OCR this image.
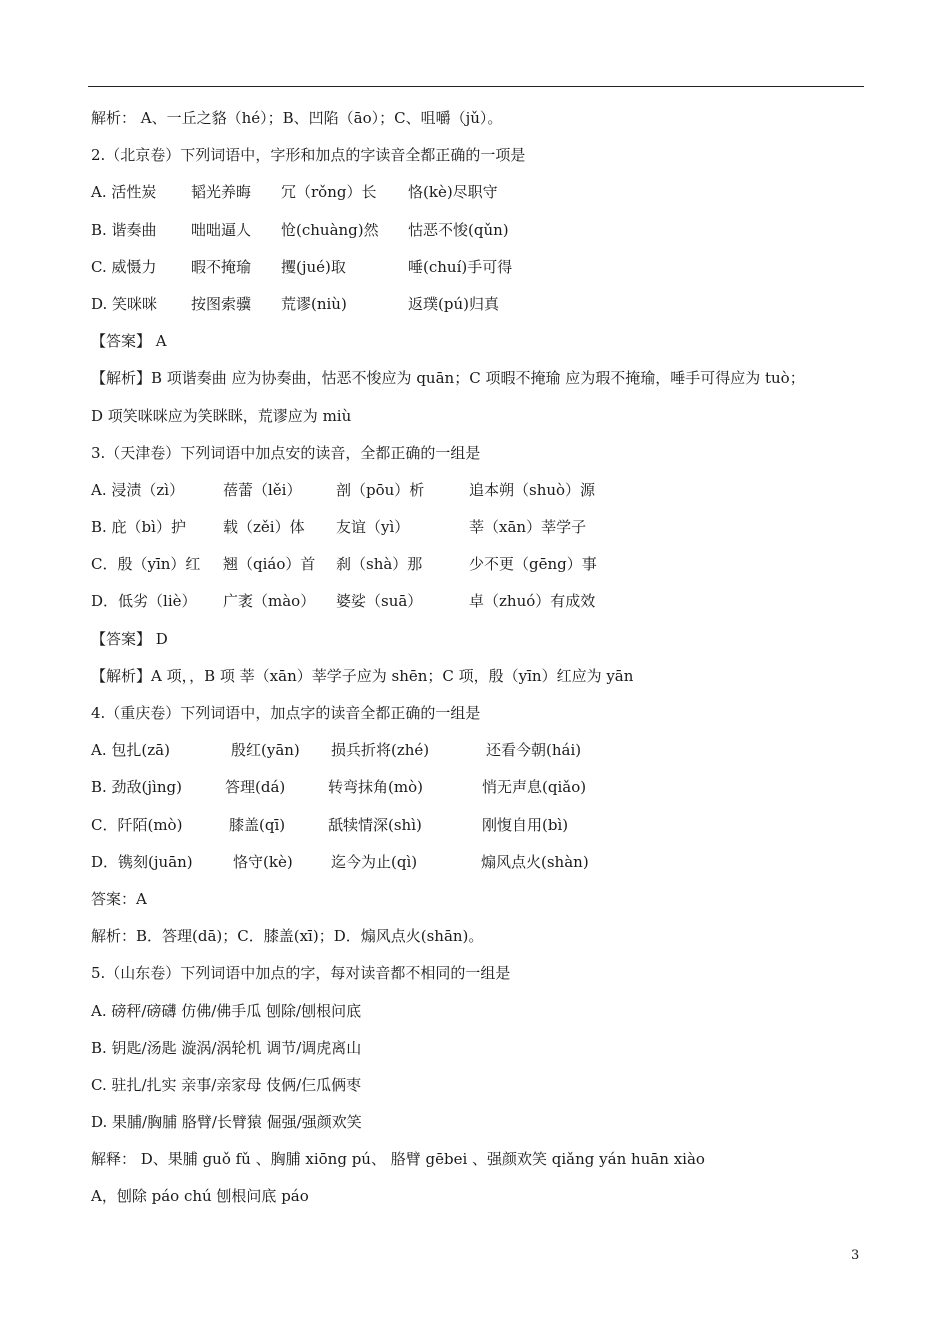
解析： A、一丘之貉（hé）；B、凹陷（āo）；C、咀嚼（jǔ）。
2.（北京卷）下列词语中，字形和加点的字读音全都正确的一项是
A. 活性炭 韬光养晦 冗（rǒng）长 恪(kè)尽职守
B. 谐奏曲 咄咄逼人 怆(chuàng)然 怙恶不悛(qǔn)
C. 威慑力 暇不掩瑜 攫(jué)取	唾(chuí)手可得
D. 笑咪咪 按图索骥 荒谬(niù)	返璞(pú)归真
【答案】 A
【解析】B 项谐奏曲 应为协奏曲，怙恶不悛应为 quān；C 项暇不掩瑜 应为瑕不掩瑜，唾手可得应为 tuò；
D 项笑咪咪应为笑眯眯，荒谬应为 miù
3.（天津卷）下列词语中加点安的读音，全都正确的一组是
A. 浸渍（zì）	蓓蕾（lěi） 剖（pōu）析	追本朔（shuò）源
B. 庇（bì）护 载（zěi）体 友谊（yì）	莘（xān）莘学子
C．殷（yīn）红 翘（qiáo）首 刹（shà）那	少不更（gēng）事
D．低劣（liè） 广袤（mào） 婆娑（suā）	卓（zhuó）有成效
【答案】 D
【解析】A 项，，B 项 莘（xān）莘学子应为 shēn；C 项，殷（yīn）红应为 yān
4.（重庆卷）下列词语中，加点字的读音全都正确的一组是
A. 包扎(zā)	殷红(yān) 损兵折将(zhé)	还看今朝(hái)
B. 劲敌(jìng)	答理(dá)	转弯抹角(mò)	悄无声息(qiǎo)
C．阡陌(mò)	膝盖(qī)	舐犊情深(shì)	刚愎自用(bì)
D．镌刻(juān)	恪守(kè)	迄今为止(qì)	煽风点火(shàn)
答案：A
解析：B．答理(dā)；C．膝盖(xī)；D．煽风点火(shān)。
5.（山东卷）下列词语中加点的字，每对读音都不相同的一组是
A. 磅秤/磅礴 仿佛/佛手瓜 刨除/刨根问底
B. 钥匙/汤匙 漩涡/涡轮机 调节/调虎离山
C. 驻扎/扎实 亲事/亲家母 伎俩/仨瓜俩枣
D. 果脯/胸脯 胳臂/长臂猿 倔强/强颜欢笑
解释： D、果脯 guǒ fǔ 、胸脯 xiōng pú、 胳臂 gēbei 、强颜欢笑 qiǎng yán huān xiào
A，刨除 páo chú 刨根问底 páo
3
